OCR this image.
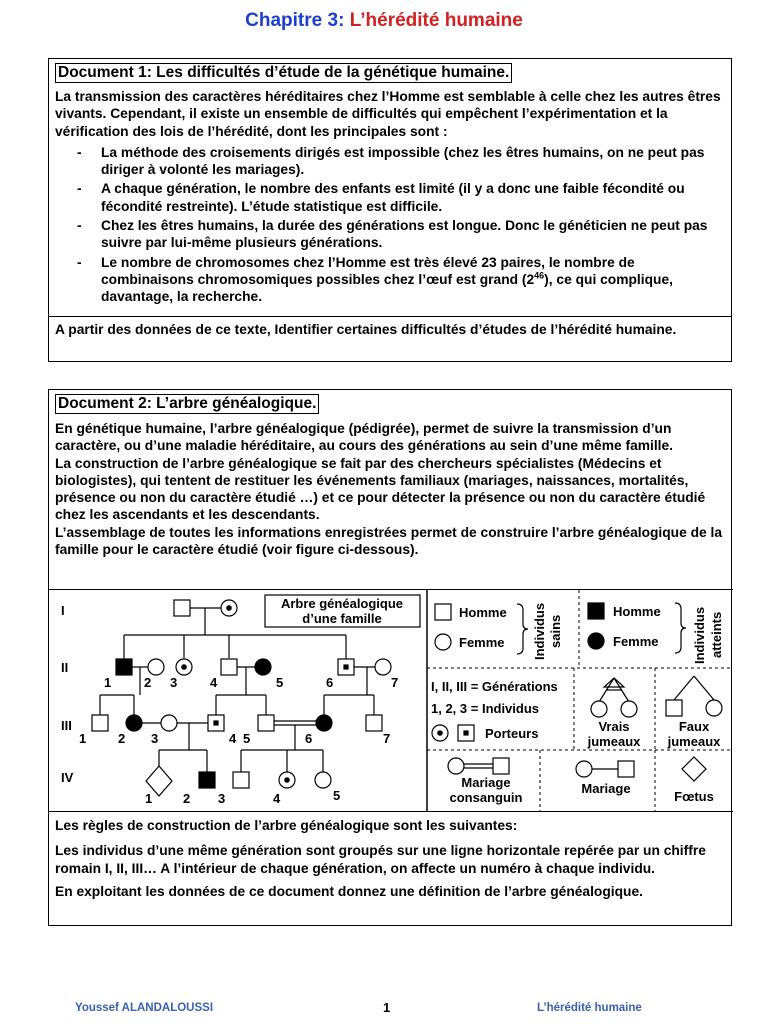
Chapitre 3: L’hérédité humaine
Document 1: Les difficultés d’étude de la génétique humaine.
La transmission des caractères héréditaires chez l’Homme est semblable à celle chez les autres êtres vivants. Cependant, il existe un ensemble de difficultés qui empêchent l’expérimentation et la vérification des lois de l’hérédité, dont les principales sont :
- La méthode des croisements dirigés est impossible (chez les êtres humains, on ne peut pas diriger à volonté les mariages).
- A chaque génération, le nombre des enfants est limité (il y a donc une faible fécondité ou fécondité restreinte). L’étude statistique est difficile.
- Chez les êtres humains, la durée des générations est longue. Donc le généticien ne peut pas suivre par lui-même plusieurs générations.
- Le nombre de chromosomes chez l’Homme est très élevé 23 paires, le nombre de combinaisons chromosomiques possibles chez l’œuf est grand $(2^{46})$, ce qui complique, davantage, la recherche.
A partir des données de ce texte, Identifier certaines difficultés d’études de l’hérédité humaine.
Document 2: L’arbre généalogique.
En génétique humaine, l’arbre généalogique (pédigrée), permet de suivre la transmission d’un caractère, ou d’une maladie héréditaire, au cours des générations au sein d’une même famille.
La construction de l’arbre généalogique se fait par des chercheurs spécialistes (Médecins et biologistes), qui tentent de restituer les événements familiaux (mariages, naissances, mortalités, présence ou non du caractère étudié …) et ce pour détecter la présence ou non du caractère étudié chez les ascendants et les descendants.
L’assemblage de toutes les informations enregistrées permet de construire l’arbre généalogique de la famille pour le caractère étudié (voir figure ci-dessous).
I
II
III
IV
Arbre généalogique
d’une famille
1	2 3	4	5	6	7
1 2 3	4 5	6	7
1 2 3	4	5
Homme
Femme Individus sains
Homme
Femme	Individus atteints
I, II, III = Générations
1, 2, 3 = Individus
Porteurs	Vrais
jumeaux
Faux
jumeaux
Mariage
consanguin
Mariage
Fœtus
Les règles de construction de l’arbre généalogique sont les suivantes:
Les individus d’une même génération sont groupés sur une ligne horizontale repérée par un chiffre romain I, II, III… A l’intérieur de chaque génération, on affecte un numéro à chaque individu.
En exploitant les données de ce document donnez une définition de l’arbre généalogique.
Youssef ALANDALOUSSI	1	L’hérédité humaine
